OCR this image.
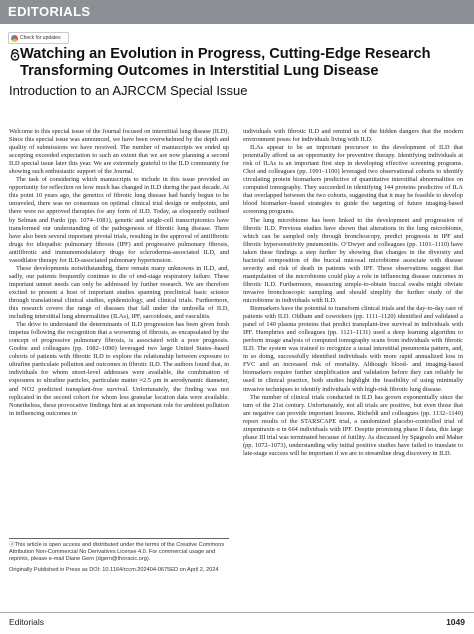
EDITORIALS
Check for updates
Watching an Evolution in Progress, Cutting-Edge Research Transforming Outcomes in Interstitial Lung Disease
Introduction to an AJRCCM Special Issue

Welcome to this special issue of the Journal focused on interstitial lung disease (ILD). Since this special issue was announced, we have been overwhelmed by the depth and quality of submissions we have received. The number of manuscripts we ended up accepting exceeded expectation to such an extent that we are now planning a second ILD special issue later this year. We are extremely grateful to the ILD community for showing such enthusiastic support of the Journal.

The task of considering which manuscripts to include in this issue provided an opportunity for reflection on how much has changed in ILD during the past decade. At this point 10 years ago, the genetics of fibrotic lung disease had barely begun to be unraveled, there was no consensus on optimal clinical trial design or endpoints, and there were no approved therapies for any form of ILD. Today, as eloquently outlined by Selman and Pardo (pp. 1074–1081), genetic and single-cell transcriptomics have transformed our understanding of the pathogenesis of fibrotic lung disease. There have also been several important pivotal trials, resulting in the approval of antifibrotic drugs for idiopathic pulmonary fibrosis (IPF) and progressive pulmonary fibrosis, antifibrotic and immunomodulatory drugs for scleroderma-associated ILD, and vasodilator therapy for ILD-associated pulmonary hypertension.

These developments notwithstanding, there remain many unknowns in ILD, and, sadly, our patients frequently continue to die of end-stage respiratory failure. These important unmet needs can only be addressed by further research. We are therefore excited to present a host of important studies spanning preclinical basic science through translational clinical studies, epidemiology, and clinical trials. Furthermore, this research covers the range of diseases that fall under the umbrella of ILD, including interstitial lung abnormalities (ILAs), IPF, sarcoidosis, and vasculitis.

The drive to understand the determinants of ILD progression has been given fresh impetus following the recognition that a worsening of fibrosis, as encapsulated by the concept of progressive pulmonary fibrosis, is associated with a poor prognosis. Goobie and colleagues (pp. 1082–1090) leveraged two large United States–based cohorts of patients with fibrotic ILD to explore the relationship between exposure to ultrafine particulate pollution and outcomes in fibrotic ILD. The authors found that, in individuals for whom street-level addresses were available, the combination of exposures to ultrafine particles, particulate matter ≈2.5 μm in aerodynamic diameter, and NO2 predicted transplant-free survival. Unfortunately, the finding was not replicated in the second cohort for whom less granular location data were available. Nonetheless, these provocative findings hint at an important role for ambient pollution in influencing outcomes in

ⓐThis article is open access and distributed under the terms of the Creative Commons Attribution Non-Commercial No Derivatives License 4.0. For commercial usage and reprints, please e-mail Diane Gern (dgern@thoracic.org).

Originally Published in Press as DOI: 10.1164/rccm.202404-0675ED on April 2, 2024

individuals with fibrotic ILD and remind us of the hidden dangers that the modern environment poses for individuals living with ILD.

ILAs appear to be an important precursor to the development of ILD that potentially afford us an opportunity for preventive therapy. Identifying individuals at risk of ILAs is an important first step in developing effective screening programs. Choi and colleagues (pp. 1091–1100) leveraged two observational cohorts to identify circulating protein biomarkers predictive of quantitative interstitial abnormalities on computed tomography. They succeeded in identifying 144 proteins predictive of ILA that overlapped between the two cohorts, suggesting that it may be feasible to develop blood biomarker–based strategies to guide the targeting of future imaging-based screening programs.

The lung microbiome has been linked to the development and progression of fibrotic ILD. Previous studies have shown that alterations in the lung microbiome, which can be sampled only through bronchoscopy, predict prognosis in IPF and fibrotic hypersensitivity pneumonitis. O’Dwyer and colleagues (pp. 1101–1110) have taken these findings a step further by showing that changes in the diversity and bacterial composition of the buccal mucosal microbiome associate with disease severity and risk of death in patients with IPF. These observations suggest that manipulation of the microbiome could play a role in influencing disease outcomes in fibrotic ILD. Furthermore, measuring simple-to-obtain buccal swabs might obviate invasive bronchoscopic sampling and should simplify the further study of the microbiome in individuals with ILD.

Biomarkers have the potential to transform clinical trials and the day-to-day care of patients with ILD. Oldham and coworkers (pp. 1111–1120) identified and validated a panel of 140 plasma proteins that predict transplant-free survival in individuals with IPF. Humphries and colleagues (pp. 1121–1131) used a deep learning algorithm to perform image analysis of computed tomography scans from individuals with fibrotic ILD. The system was trained to recognize a usual interstitial pneumonia pattern, and, in so doing, successfully identified individuals with more rapid annualized loss in FVC and an increased risk of mortality. Although blood- and imaging-based biomarkers require further simplification and validation before they can reliably be used in clinical practice, both studies highlight the feasibility of using minimally invasive techniques to identify individuals with high-risk fibrotic lung disease.

The number of clinical trials conducted in ILD has grown exponentially since the turn of the 21st century. Unfortunately, not all trials are positive, but even those that are negative can provide important lessons. Richeldi and colleagues (pp. 1132–1140) report results of the STARSCAPE trial, a randomized placebo-controlled trial of zinpentraxin α in 664 individuals with IPF. Despite promising phase II data, this large phase III trial was terminated because of futility. As discussed by Spagnolo and Maher (pp. 1072–1073), understanding why initial positive studies have failed to translate to late-stage success will be important if we are to streamline drug discovery in ILD.

Editorials	1049
